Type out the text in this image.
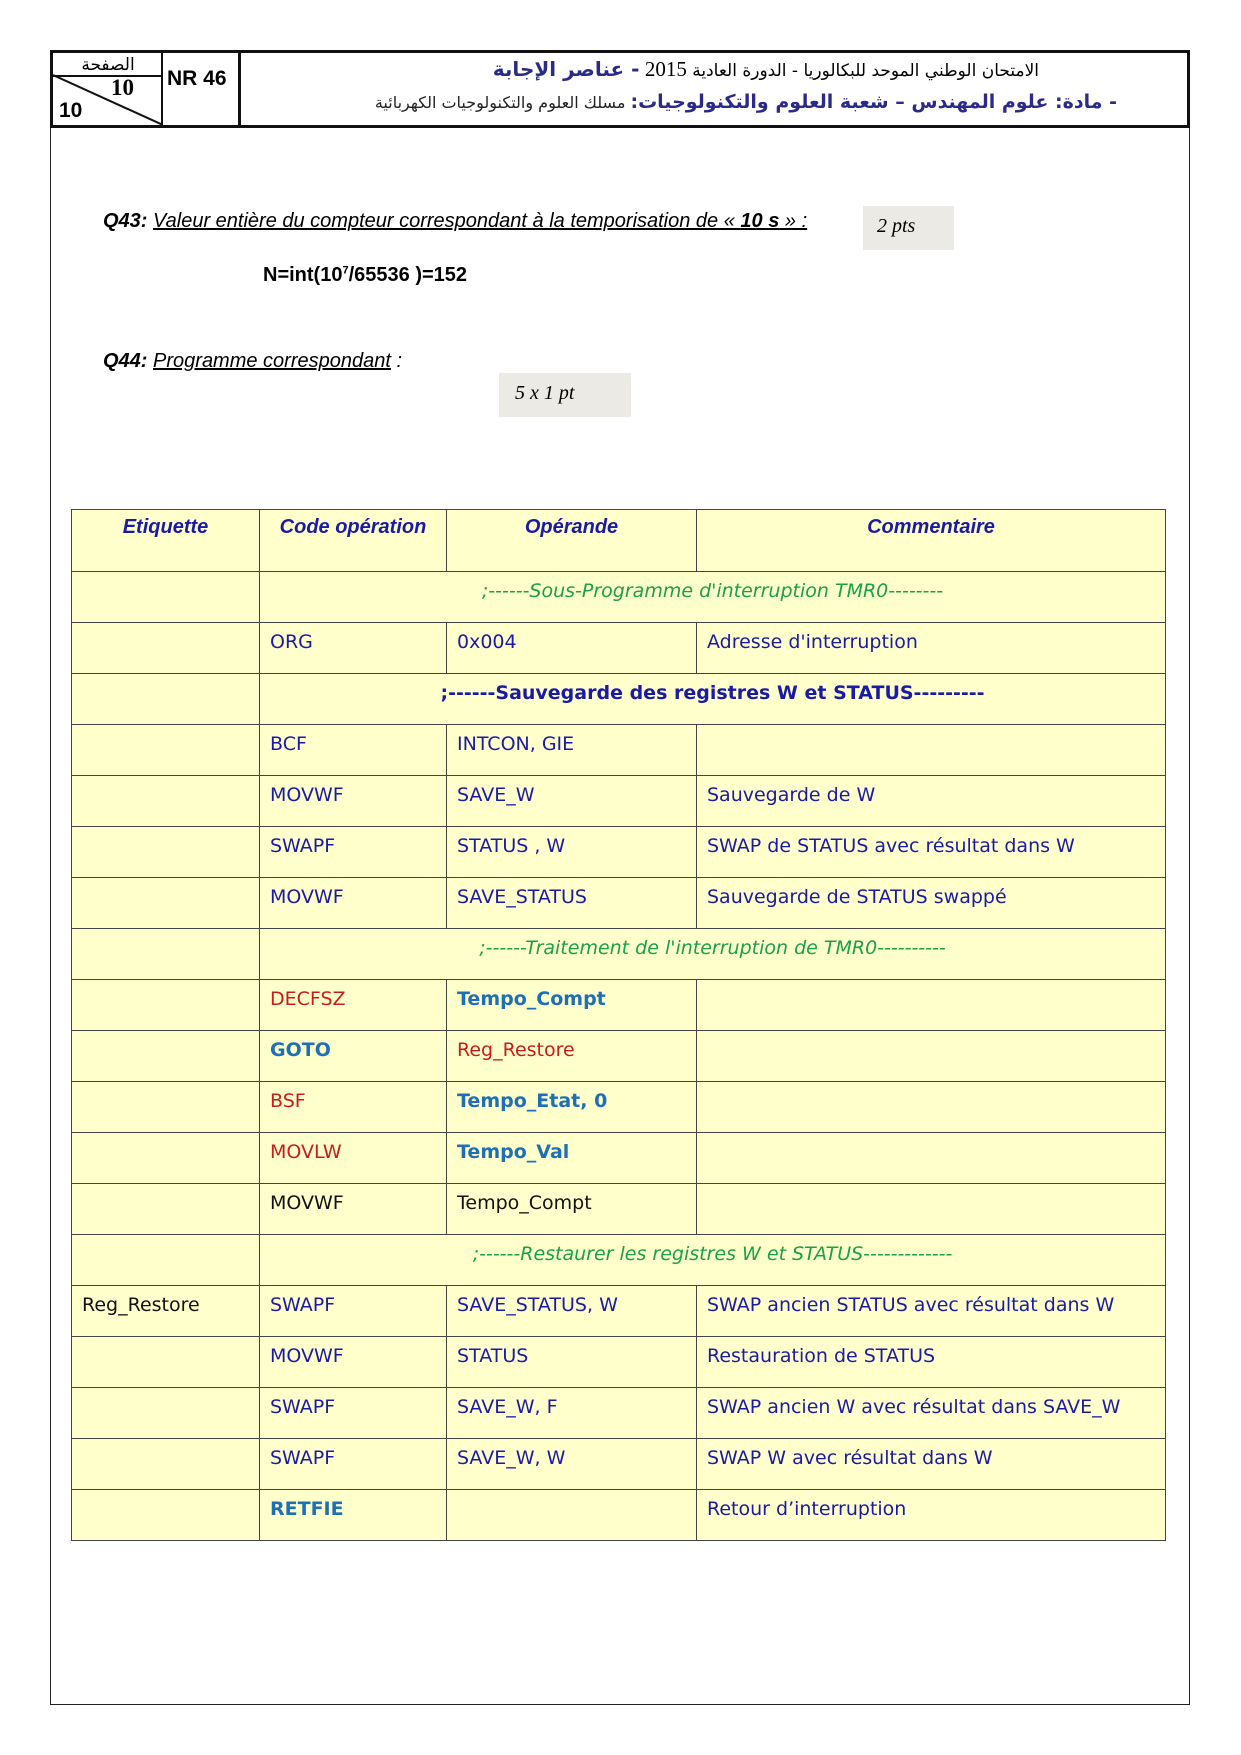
الصفحة
10
10
NR 46	الامتحان الوطني الموحد للبكالوريا - الدورة العادية 2015 - عناصر الإجابة
- مادة: علوم المهندس – شعبة العلوم والتكنولوجيات: مسلك العلوم والتكنولوجيات الكهربائية
Q43: Valeur entière du compteur correspondant à la temporisation de « 10 s » :	2 pts
$N=int(10^7/65536$ )=152
Q44: Programme correspondant :
5 x 1 pt
Etiquette	Code opération	Opérande	Commentaire
	;------Sous-Programme d'interruption TMR0--------		
	ORG	0x004	Adresse d'interruption
	;------Sauvegarde des registres W et STATUS---------		
	BCF	INTCON, GIE	
	MOVWF	SAVE_W	Sauvegarde de W
	SWAPF	STATUS , W	SWAP de STATUS avec résultat dans W
	MOVWF	SAVE_STATUS	Sauvegarde de STATUS swappé
	;------Traitement de l'interruption de TMR0----------		
	DECFSZ	Tempo_Compt	
	GOTO	Reg_Restore	
	BSF	Tempo_Etat, 0	
	MOVLW	Tempo_Val	
	MOVWF	Tempo_Compt	
	;------Restaurer les registres W et STATUS-------------		
Reg_Restore	SWAPF	SAVE_STATUS, W	SWAP ancien STATUS avec résultat dans W
	MOVWF	STATUS	Restauration de STATUS
	SWAPF	SAVE_W, F	SWAP ancien W avec résultat dans SAVE_W
	SWAPF	SAVE_W, W	SWAP W avec résultat dans W
	RETFIE		Retour d’interruption
